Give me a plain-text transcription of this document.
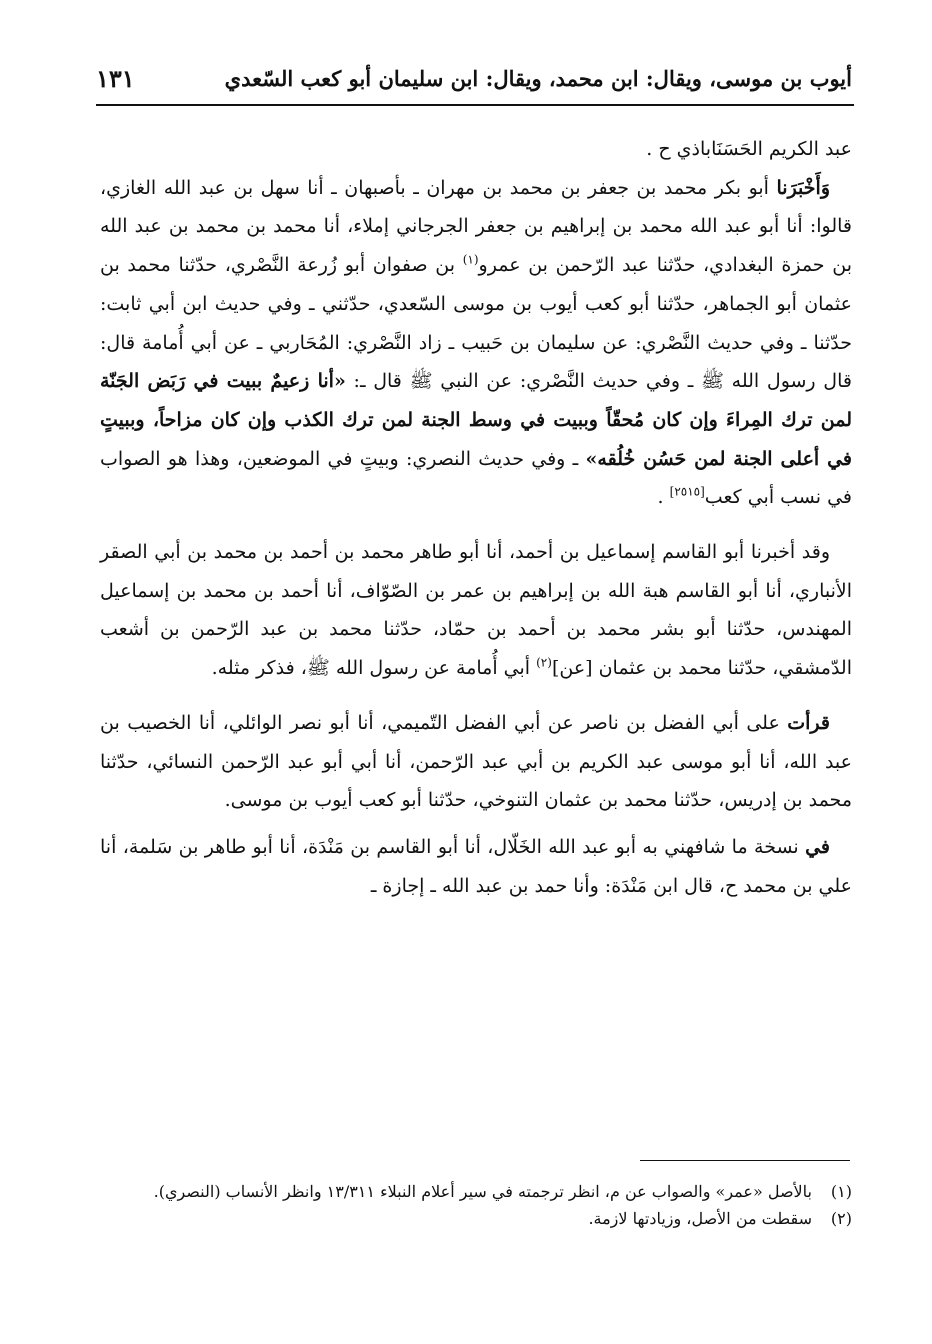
أيوب بن موسى، ويقال: ابن محمد، ويقال: ابن سليمان أبو كعب السّعدي
١٣١

عبد الكريم الحَسَنَاباذي ح .

وَأَخْبَرَنا أبو بكر محمد بن جعفر بن محمد بن مهران ـ بأصبهان ـ أنا سهل بن عبد الله الغازي، قالوا: أنا أبو عبد الله محمد بن إبراهيم بن جعفر الجرجاني إملاء، أنا محمد بن محمد بن عبد الله بن حمزة البغدادي، حدّثنا عبد الرّحمن بن عمرو$^{(١)}$ بن صفوان أبو زُرعة النَّصْري، حدّثنا محمد بن عثمان أبو الجماهر، حدّثنا أبو كعب أيوب بن موسى السّعدي، حدّثني ـ وفي حديث ابن أبي ثابت: حدّثنا ـ وفي حديث النَّصْري: عن سليمان بن حَبيب ـ زاد النَّصْري: المُحَاربي ـ عن أبي أُمامة قال: قال رسول الله ﷺ ـ وفي حديث النَّصْري: عن النبي ﷺ قال ـ: «أنا زعيمٌ ببيت في رَبَض الجَنّة لمن ترك المِراءَ وإن كان مُحقّاً وببيت في وسط الجنة لمن ترك الكذب وإن كان مزاحاً، وببيتٍ في أعلى الجنة لمن حَسُن خُلُقه» ـ وفي حديث النصري: وبيتٍ في الموضعين، وهذا هو الصواب في نسب أبي كعب[٢٥١٥] .

وقد أخبرنا أبو القاسم إسماعيل بن أحمد، أنا أبو طاهر محمد بن أحمد بن محمد بن أبي الصقر الأنباري، أنا أبو القاسم هبة الله بن إبراهيم بن عمر بن الصّوّاف، أنا أحمد بن محمد بن إسماعيل المهندس، حدّثنا أبو بشر محمد بن أحمد بن حمّاد، حدّثنا محمد بن عبد الرّحمن بن أشعب الدّمشقي، حدّثنا محمد بن عثمان [عن]$^{(٢)}$ أبي أُمامة عن رسول الله ﷺ، فذكر مثله.

قرأت على أبي الفضل بن ناصر عن أبي الفضل التّميمي، أنا أبو نصر الوائلي، أنا الخصيب بن عبد الله، أنا أبو موسى عبد الكريم بن أبي عبد الرّحمن، أنا أبي أبو عبد الرّحمن النسائي، حدّثنا محمد بن إدريس، حدّثنا محمد بن عثمان التنوخي، حدّثنا أبو كعب أيوب بن موسى.

في نسخة ما شافهني به أبو عبد الله الخَلّال، أنا أبو القاسم بن مَنْدَة، أنا أبو طاهر بن سَلمة، أنا علي بن محمد ح، قال ابن مَنْدَة: وأنا حمد بن عبد الله ـ إجازة ـ

(١)
بالأصل «عمر» والصواب عن م، انظر ترجمته في سير أعلام النبلاء ١٣/٣١١ وانظر الأنساب (النصري).
(٢)
سقطت من الأصل، وزيادتها لازمة.
